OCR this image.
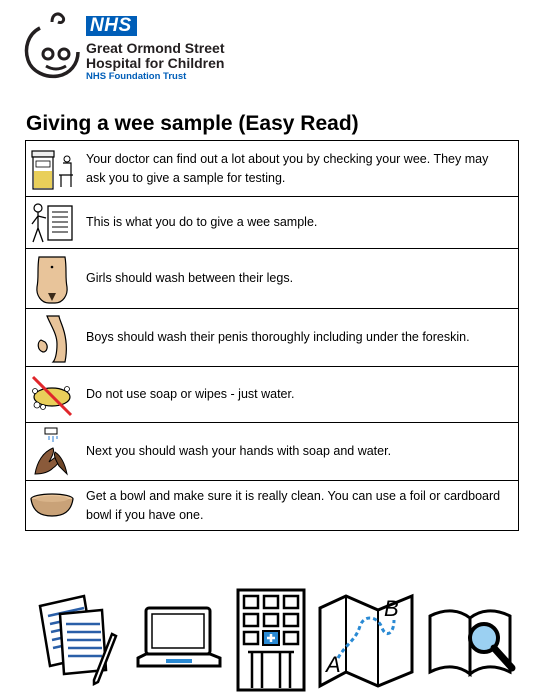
NHS
Great Ormond Street
Hospital for Children
NHS Foundation Trust
Giving a wee sample (Easy Read)
	Your doctor can find out a lot about you by checking your wee. They may ask you to give a sample for testing.

	This is what you do to give a wee sample.

	Girls should wash between their legs.

	Boys should wash their penis thoroughly including under the foreskin.

	Do not use soap or wipes - just water.

	Next you should wash your hands with soap and water.

	Get a bowl and make sure it is really clean. You can use a foil or cardboard bowl if you have one.
A
B
